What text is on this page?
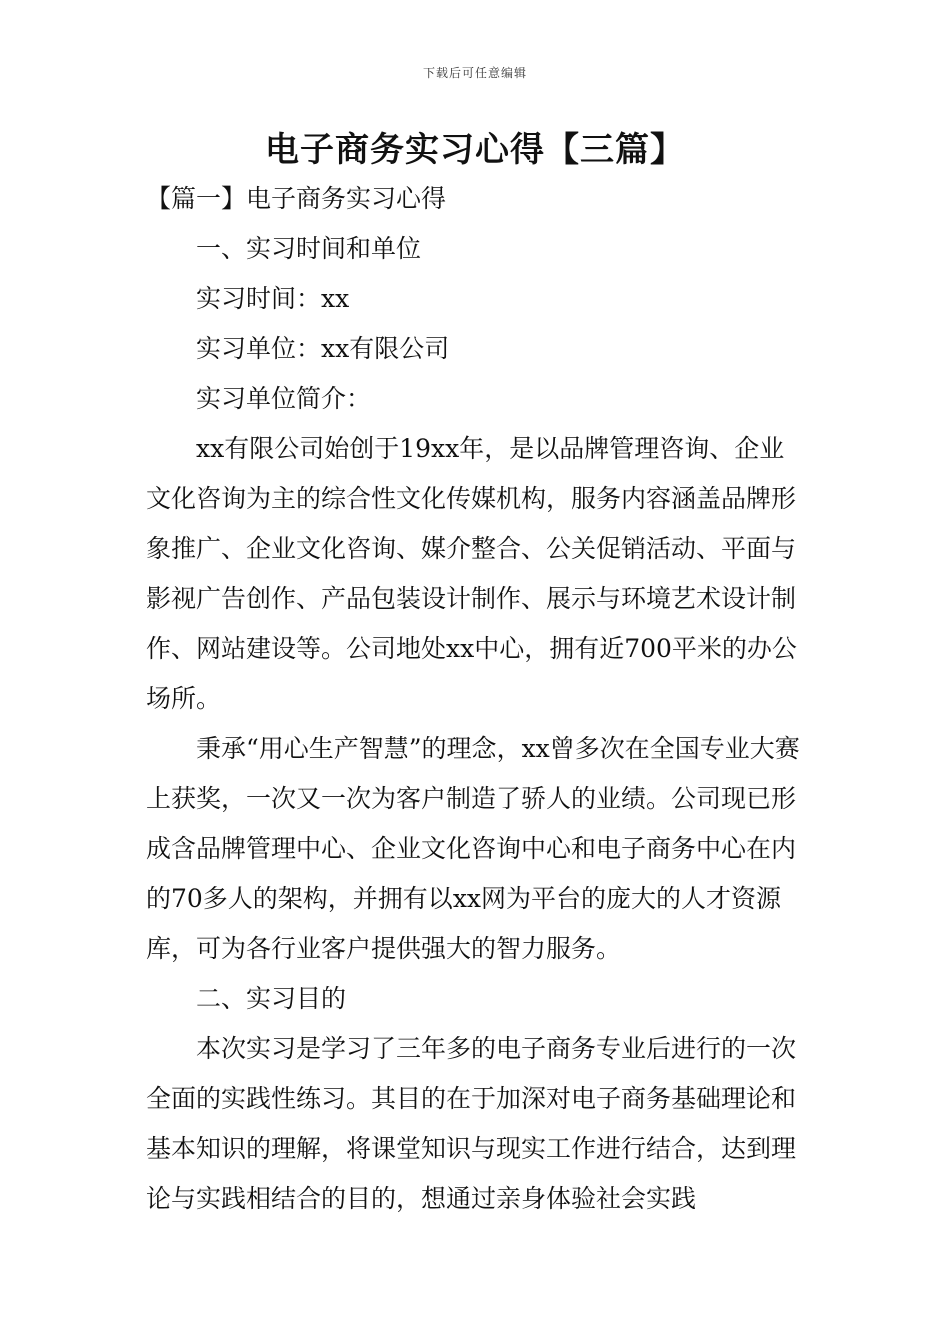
下载后可任意编辑
电子商务实习心得【三篇】

【篇一】电子商务实习心得

一、实习时间和单位

实习时间：xx

实习单位：xx有限公司

实习单位简介：

xx有限公司始创于19xx年，是以品牌管理咨询、企业文化咨询为主的综合性文化传媒机构，服务内容涵盖品牌形象推广、企业文化咨询、媒介整合、公关促销活动、平面与影视广告创作、产品包装设计制作、展示与环境艺术设计制作、网站建设等。公司地处xx中心，拥有近700平米的办公场所。

秉承“用心生产智慧”的理念，xx曾多次在全国专业大赛上获奖，一次又一次为客户制造了骄人的业绩。公司现已形成含品牌管理中心、企业文化咨询中心和电子商务中心在内的70多人的架构，并拥有以xx网为平台的庞大的人才资源库，可为各行业客户提供强大的智力服务。

二、实习目的

本次实习是学习了三年多的电子商务专业后进行的一次全面的实践性练习。其目的在于加深对电子商务基础理论和基本知识的理解，将课堂知识与现实工作进行结合，达到理论与实践相结合的目的，想通过亲身体验社会实践
